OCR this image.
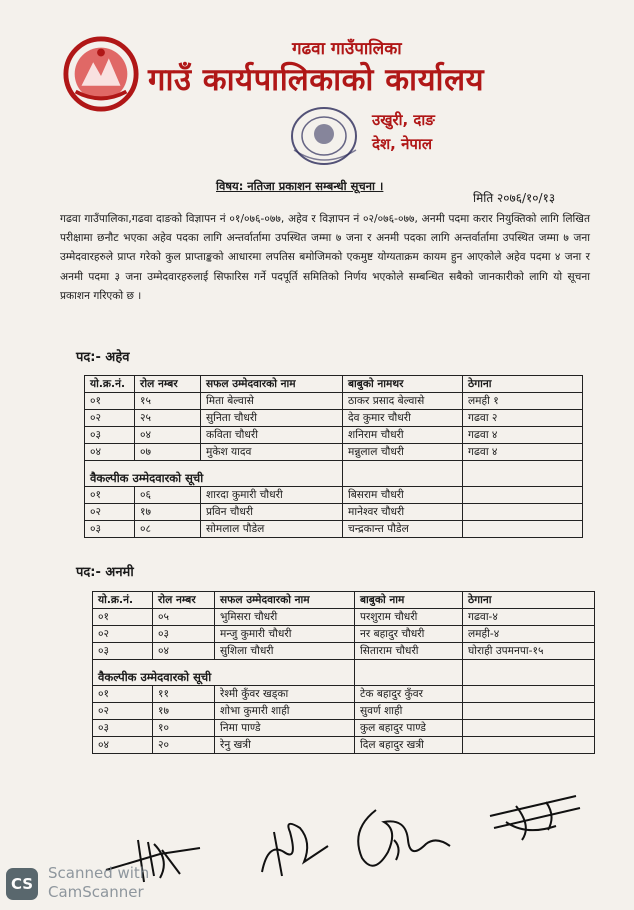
गढवा गाउँपालिका
गाउँ कार्यपालिकाको कार्यालय
उखुरी, दाङ
देश, नेपाल
विषय: नतिजा प्रकाशन सम्बन्धी सूचना ।
मिति २०७६/१०/१३
गढवा गाउँपालिका,गढवा दाङको विज्ञापन नं ०१/०७६-०७७, अहेव र विज्ञापन नं ०२/०७६-०७७, अनमी पदमा करार नियुक्तिको लागि लिखित परीक्षामा छनौट भएका अहेव पदका लागि अन्तर्वार्तामा उपस्थित जम्मा ७ जना र अनमी पदका लागि अन्तर्वार्तामा उपस्थित जम्मा ७ जना उम्मेदवारहरुले प्राप्त गरेको कुल प्राप्ताङ्कको आधारमा लपतिस बमोजिमको एकमुष्ट योग्यताक्रम कायम हुन आएकोले अहेव पदमा ४ जना र अनमी पदमा ३ जना उम्मेदवारहरुलाई सिफारिस गर्ने पदपूर्ति समितिको निर्णय भएकोले सम्बन्धित सबैको जानकारीको लागि यो सूचना प्रकाशन गरिएको छ ।
पद:- अहेव
यो.क्र.नं.	रोल नम्बर	सफल उम्मेदवारको नाम	बाबुको नामथर	ठेगाना
०१	१५	मिता बेल्वासे	ठाकर प्रसाद बेल्वासे	लमही १
०२	२५	सुनिता चौधरी	देव कुमार चौधरी	गढवा २
०३	०४	कविता चौधरी	शनिराम चौधरी	गढवा ४
०४	०७	मुकेश यादव	मन्नुलाल चौधरी	गढवा ४
वैकल्पीक उम्मेदवारको सूची				
०१	०६	शारदा कुमारी चौधरी	बिसराम चौधरी	
०२	१७	प्रविन चौधरी	मानेश्वर चौधरी	
०३	०८	सोमलाल पौडेल	चन्द्रकान्त पौडेल	
पद:- अनमी
यो.क्र.नं.	रोल नम्बर	सफल उम्मेदवारको नाम	बाबुको नाम	ठेगाना
०१	०५	भुमिसरा चौधरी	परशुराम चौधरी	गढवा-४
०२	०३	मन्जु कुमारी चौधरी	नर बहादुर चौधरी	लमही-४
०३	०४	सुशिला चौधरी	सिताराम चौधरी	घोराही उपमनपा-१५
वैकल्पीक उम्मेदवारको सूची				
०१	११	रेश्मी कुँवर खड्का	टेक बहादुर कुँवर	
०२	१७	शोभा कुमारी शाही	सुवर्ण शाही	
०३	१०	निमा पाण्डे	कुल बहादुर पाण्डे	
०४	२०	रेनु खत्री	दिल बहादुर खत्री	
CS
Scanned with
CamScanner
